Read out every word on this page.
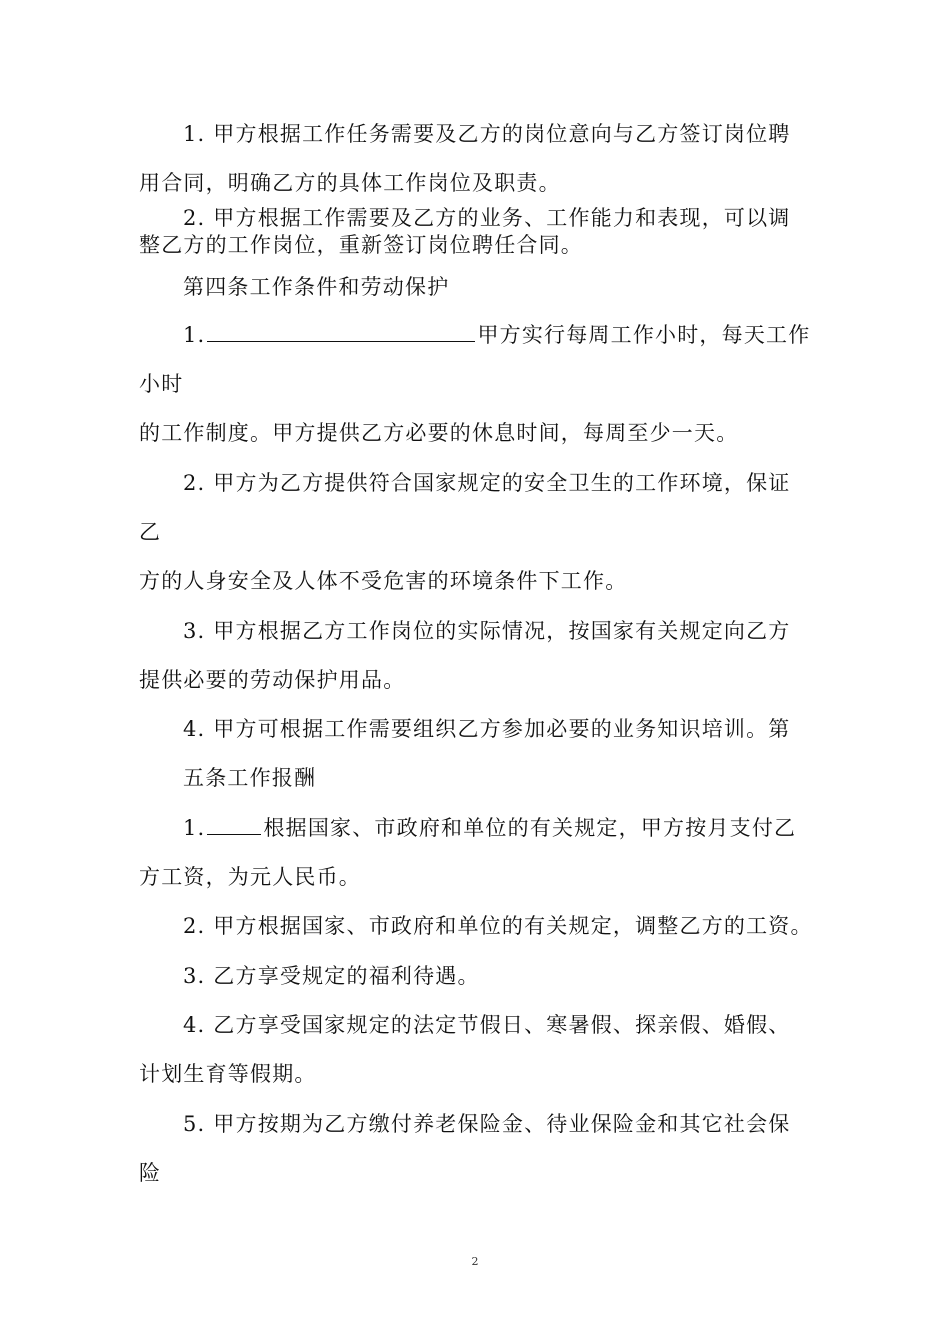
1. 甲方根据工作任务需要及乙方的岗位意向与乙方签订岗位聘
用合同，明确乙方的具体工作岗位及职责。
2. 甲方根据工作需要及乙方的业务、工作能力和表现，可以调
整乙方的工作岗位，重新签订岗位聘任合同。
第四条工作条件和劳动保护
1.	甲方实行每周工作小时，每天工作
小时
的工作制度。甲方提供乙方必要的休息时间，每周至少一天。
2. 甲方为乙方提供符合国家规定的安全卫生的工作环境，保证
乙
方的人身安全及人体不受危害的环境条件下工作。
3. 甲方根据乙方工作岗位的实际情况，按国家有关规定向乙方
提供必要的劳动保护用品。
4. 甲方可根据工作需要组织乙方参加必要的业务知识培训。第
五条工作报酬
1.	根据国家、市政府和单位的有关规定，甲方按月支付乙
方工资，为元人民币。
2. 甲方根据国家、市政府和单位的有关规定，调整乙方的工资。
3. 乙方享受规定的福利待遇。
4. 乙方享受国家规定的法定节假日、寒暑假、探亲假、婚假、
计划生育等假期。
5. 甲方按期为乙方缴付养老保险金、待业保险金和其它社会保
险
2
